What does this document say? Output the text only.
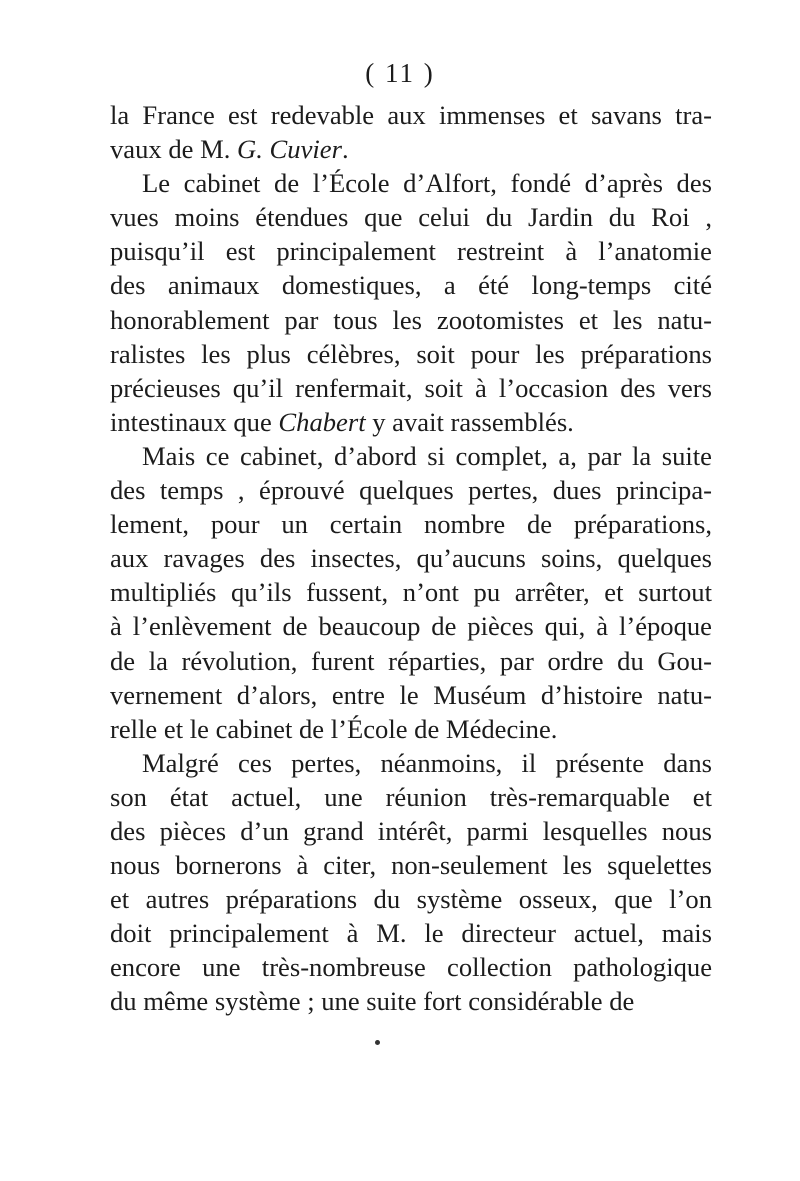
( 11 )
la France est redevable aux immenses et savans tra-
vaux de M. G. Cuvier.
Le cabinet de l’École d’Alfort, fondé d’après des
vues moins étendues que celui du Jardin du Roi ,
puisqu’il est principalement restreint à l’anatomie
des animaux domestiques, a été long-temps cité
honorablement par tous les zootomistes et les natu-
ralistes les plus célèbres, soit pour les préparations
précieuses qu’il renfermait, soit à l’occasion des vers
intestinaux que Chabert y avait rassemblés.
Mais ce cabinet, d’abord si complet, a, par la suite
des temps , éprouvé quelques pertes, dues principa-
lement, pour un certain nombre de préparations,
aux ravages des insectes, qu’aucuns soins, quelques
multipliés qu’ils fussent, n’ont pu arrêter, et surtout
à l’enlèvement de beaucoup de pièces qui, à l’époque
de la révolution, furent réparties, par ordre du Gou-
vernement d’alors, entre le Muséum d’histoire natu-
relle et le cabinet de l’École de Médecine.
Malgré ces pertes, néanmoins, il présente dans
son état actuel, une réunion très-remarquable et
des pièces d’un grand intérêt, parmi lesquelles nous
nous bornerons à citer, non-seulement les squelettes
et autres préparations du système osseux, que l’on
doit principalement à M. le directeur actuel, mais
encore une très-nombreuse collection pathologique
du même système ; une suite fort considérable de
